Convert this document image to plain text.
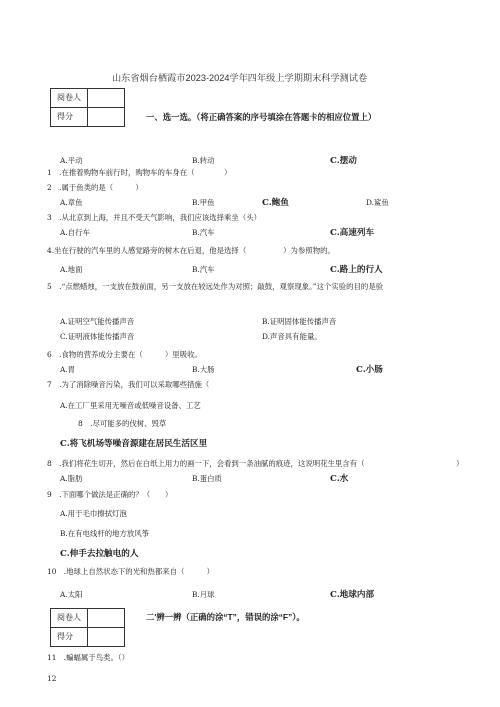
山东省烟台栖霞市2023-2024学年四年级上学期期末科学测试卷
阅卷人	
得分		一、选一选。（将正确答案的序号填涂在答题卡的相应位置上）
A.平动	B.转动	C.摆动
1　.在推着购物车前行时，购物车的车身在（　　　　）
2　.属于鱼类的是（　　　）
A.章鱼	B.甲鱼	C.鲍鱼	D.鲨鱼
3　.从北京到上海，并且不受天气影响，我们应该选择乘坐（头）
A.自行车	B.汽车	C.高速列车
4.坐在行驶的汽车里的人感觉路旁的树木在后退，他是选择（　　　　　）为参照物的。
A.地面	B.汽车	C.路上的行人
5　.“点燃蜡烛，一支放在鼓前面，另一支放在较远处作为对照；敲鼓，观察现象。”这个实验的目的是验
A.证明空气能传播声音	B.证明固体能传播声音
C.证明液体能传播声音	D.声音具有能量。
6　.食物的营养成分主要在（　　　）里吸收。
A.胃	B.大肠	C.小肠
7　.为了消除噪音污染，我们可以采取哪些措施（
A.在工厂里采用无噪音或低噪音设备、工艺
8　.尽可能多的伐树、毁草
C.将飞机场等噪音源建在居民生活区里
8　.我们将花生切开，然后在白纸上用力的画一下，会看到一条油腻的痕迹，这说明花生里含有（	）
A.脂肪	B.蛋白质	C.水
9　.下面哪个做法是正确的？（　　）
A.用于毛巾擦拭灯泡
B.在有电线杆的地方放风筝
C.伸手去拉触电的人
10　.地球上自然状态下的光和热都来自（　　　）
A.太阳	B.月球	C.地球内部
阅卷人	
得分	
二'辨一辨（正确的涂“T”，错误的涂“F”）。
11　.蝙蝠属于鸟类。（）
12
